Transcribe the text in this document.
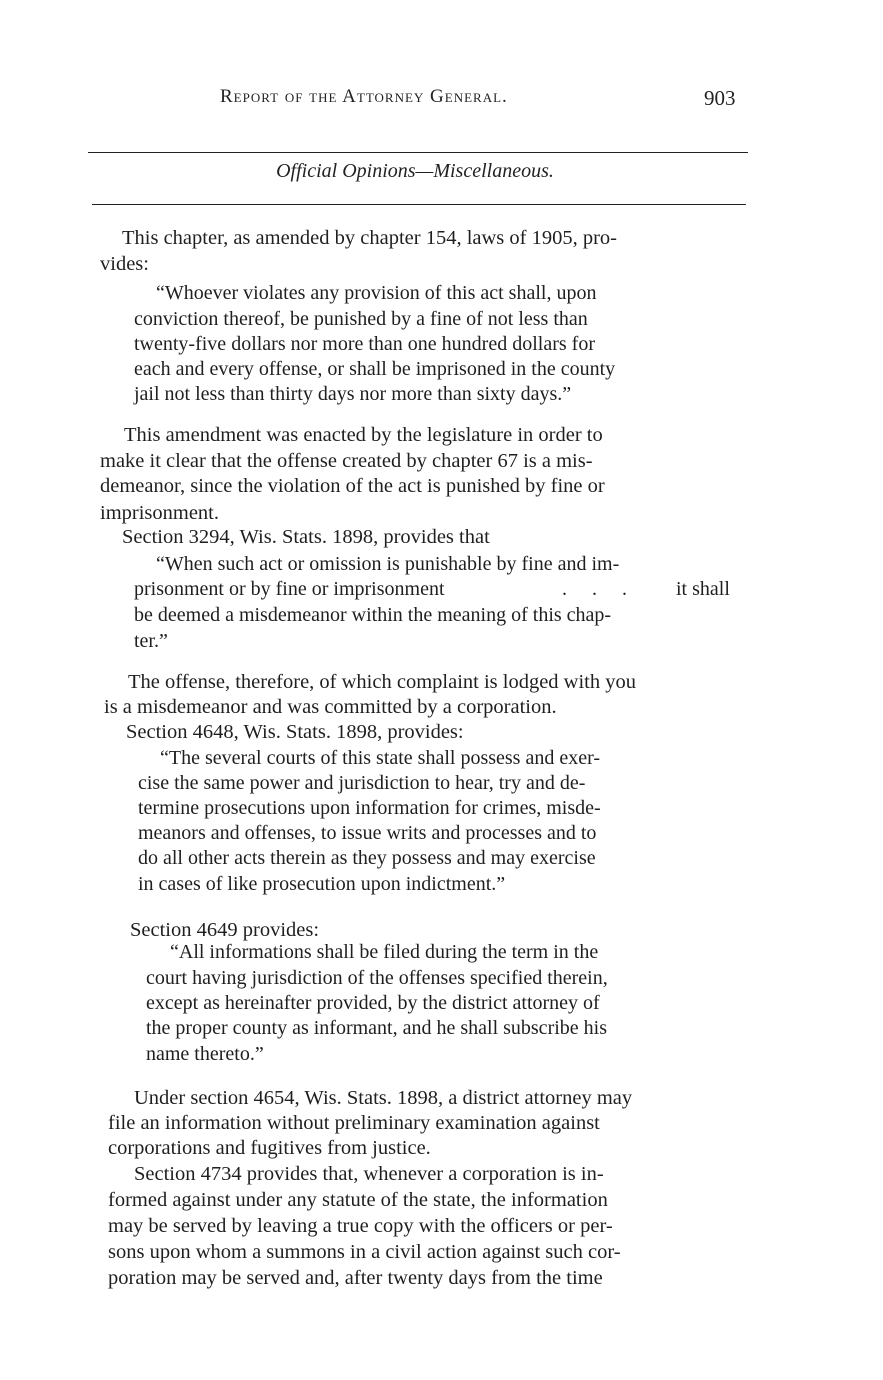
Report of the Attorney General.	903
Official Opinions—Miscellaneous.
This chapter, as amended by chapter 154, laws of 1905, pro-
vides:
“Whoever violates any provision of this act shall, upon
conviction thereof, be punished by a fine of not less than
twenty-five dollars nor more than one hundred dollars for
each and every offense, or shall be imprisoned in the county
jail not less than thirty days nor more than sixty days.”
This amendment was enacted by the legislature in order to
make it clear that the offense created by chapter 67 is a mis-
demeanor, since the violation of the act is punished by fine or
imprisonment.
Section 3294, Wis. Stats. 1898, provides that
“When such act or omission is punishable by fine and im-
prisonment or by fine or imprisonment	. . . it shall
be deemed a misdemeanor within the meaning of this chap-
ter.”
The offense, therefore, of which complaint is lodged with you
is a misdemeanor and was committed by a corporation.
Section 4648, Wis. Stats. 1898, provides:
“The several courts of this state shall possess and exer-
cise the same power and jurisdiction to hear, try and de-
termine prosecutions upon information for crimes, misde-
meanors and offenses, to issue writs and processes and to
do all other acts therein as they possess and may exercise
in cases of like prosecution upon indictment.”
Section 4649 provides:
“All informations shall be filed during the term in the
court having jurisdiction of the offenses specified therein,
except as hereinafter provided, by the district attorney of
the proper county as informant, and he shall subscribe his
name thereto.”
Under section 4654, Wis. Stats. 1898, a district attorney may
file an information without preliminary examination against
corporations and fugitives from justice.
Section 4734 provides that, whenever a corporation is in-
formed against under any statute of the state, the information
may be served by leaving a true copy with the officers or per-
sons upon whom a summons in a civil action against such cor-
poration may be served and, after twenty days from the time
